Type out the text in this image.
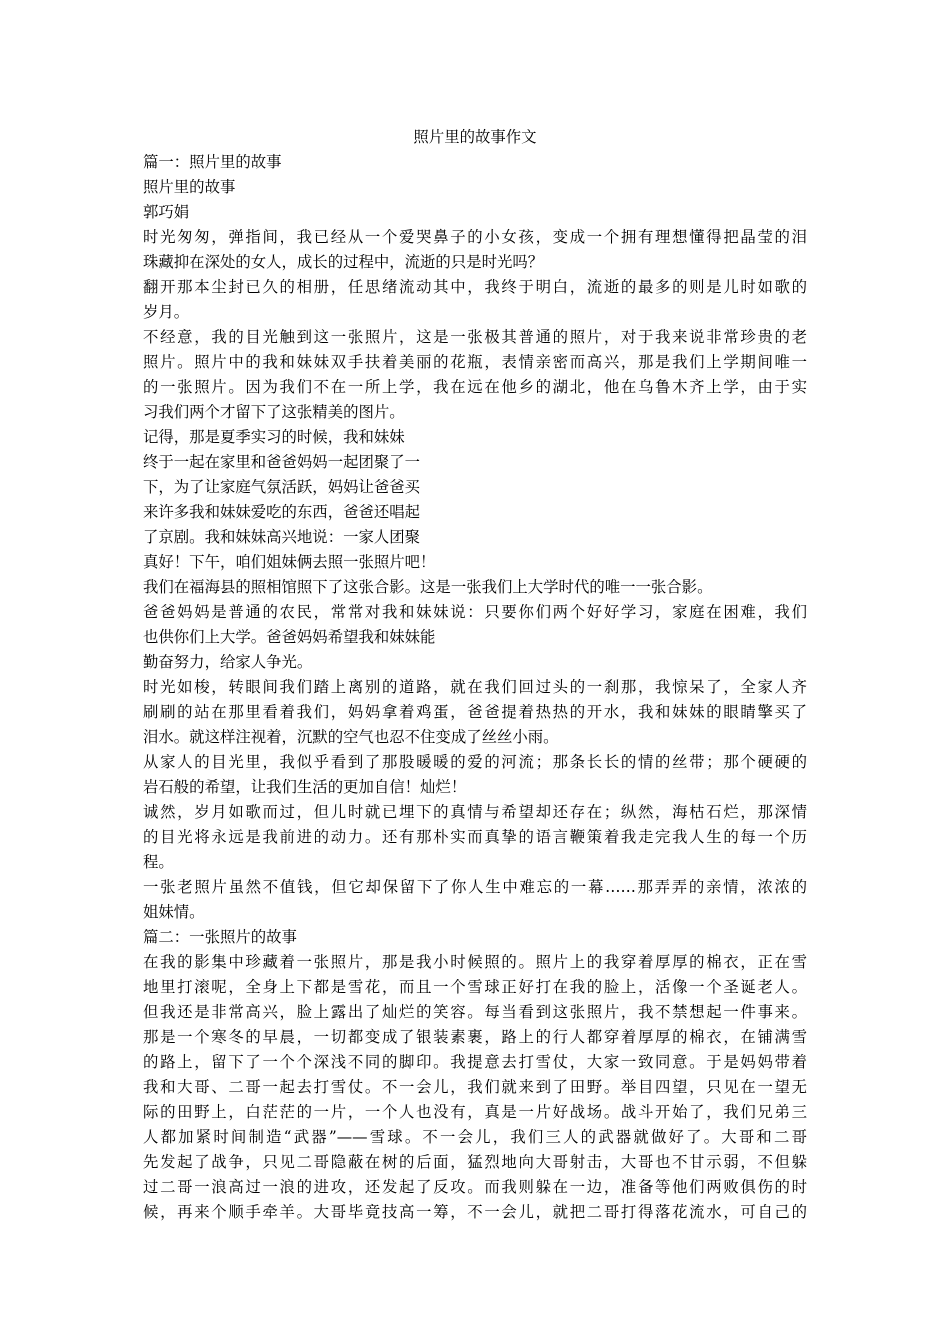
照片里的故事作文

篇一：照片里的故事

照片里的故事

郭巧娟

时光匆匆，弹指间，我已经从一个爱哭鼻子的小女孩，变成一个拥有理想懂得把晶莹的泪

珠藏抑在深处的女人，成长的过程中，流逝的只是时光吗？

翻开那本尘封已久的相册，任思绪流动其中，我终于明白，流逝的最多的则是儿时如歌的

岁月。

不经意，我的目光触到这一张照片，这是一张极其普通的照片，对于我来说非常珍贵的老

照片。照片中的我和妹妹双手扶着美丽的花瓶，表情亲密而高兴，那是我们上学期间唯一

的一张照片。因为我们不在一所上学，我在远在他乡的湖北，他在乌鲁木齐上学，由于实

习我们两个才留下了这张精美的图片。

记得，那是夏季实习的时候，我和妹妹

终于一起在家里和爸爸妈妈一起团聚了一

下，为了让家庭气氛活跃，妈妈让爸爸买

来许多我和妹妹爱吃的东西，爸爸还唱起

了京剧。我和妹妹高兴地说：一家人团聚

真好！下午，咱们姐妹俩去照一张照片吧！

我们在福海县的照相馆照下了这张合影。这是一张我们上大学时代的唯一一张合影。

爸爸妈妈是普通的农民，常常对我和妹妹说：只要你们两个好好学习，家庭在困难，我们

也供你们上大学。爸爸妈妈希望我和妹妹能

勤奋努力，给家人争光。

时光如梭，转眼间我们踏上离别的道路，就在我们回过头的一刹那，我惊呆了，全家人齐

刷刷的站在那里看着我们，妈妈拿着鸡蛋，爸爸提着热热的开水，我和妹妹的眼睛擎买了

泪水。就这样注视着，沉默的空气也忍不住变成了丝丝小雨。

从家人的目光里，我似乎看到了那股暖暖的爱的河流；那条长长的情的丝带；那个硬硬的

岩石般的希望，让我们生活的更加自信！灿烂！

诚然，岁月如歌而过，但儿时就已埋下的真情与希望却还存在；纵然，海枯石烂，那深情

的目光将永远是我前进的动力。还有那朴实而真挚的语言鞭策着我走完我人生的每一个历

程。

一张老照片虽然不值钱，但它却保留下了你人生中难忘的一幕……那弄弄的亲情，浓浓的

姐妹情。

篇二：一张照片的故事

在我的影集中珍藏着一张照片，那是我小时候照的。照片上的我穿着厚厚的棉衣，正在雪

地里打滚呢，全身上下都是雪花，而且一个雪球正好打在我的脸上，活像一个圣诞老人。

但我还是非常高兴，脸上露出了灿烂的笑容。每当看到这张照片，我不禁想起一件事来。

那是一个寒冬的早晨，一切都变成了银装素裹，路上的行人都穿着厚厚的棉衣，在铺满雪

的路上，留下了一个个深浅不同的脚印。我提意去打雪仗，大家一致同意。于是妈妈带着

我和大哥、二哥一起去打雪仗。不一会儿，我们就来到了田野。举目四望，只见在一望无

际的田野上，白茫茫的一片，一个人也没有，真是一片好战场。战斗开始了，我们兄弟三

人都加紧时间制造“武器”——雪球。不一会儿，我们三人的武器就做好了。大哥和二哥

先发起了战争，只见二哥隐蔽在树的后面，猛烈地向大哥射击，大哥也不甘示弱，不但躲

过二哥一浪高过一浪的进攻，还发起了反攻。而我则躲在一边，准备等他们两败俱伤的时

候，再来个顺手牵羊。大哥毕竟技高一筹，不一会儿，就把二哥打得落花流水，可自己的
